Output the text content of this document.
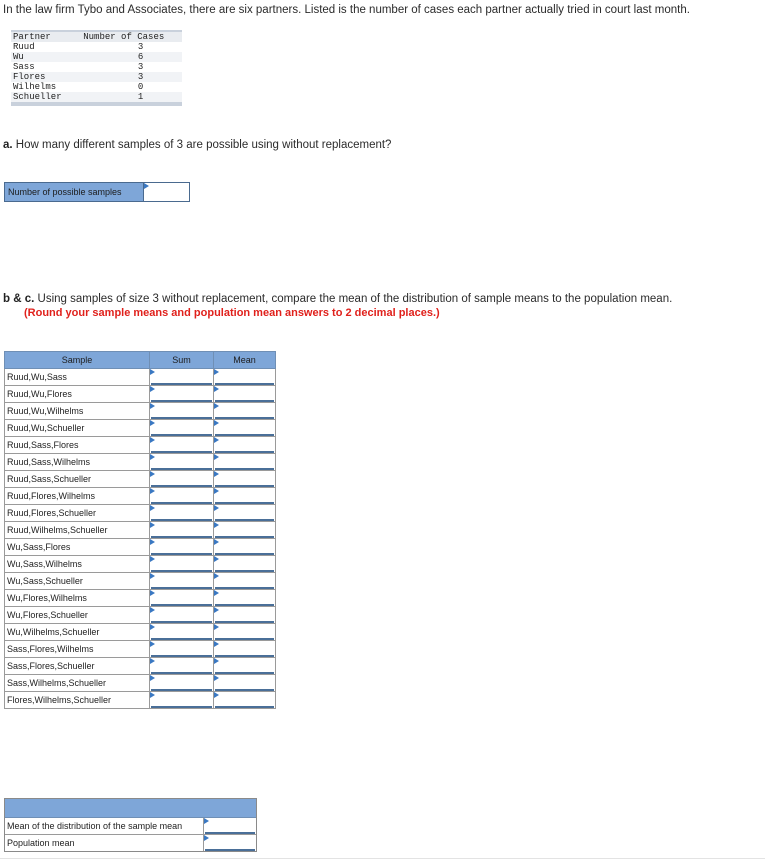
In the law firm Tybo and Associates, there are six partners. Listed is the number of cases each partner actually tried in court last month.
Partner	Number of Cases
Ruud	3
Wu	6
Sass	3
Flores	3
Wilhelms	0
Schueller	1
a. How many different samples of 3 are possible using without replacement?
Number of possible samples
b & c. Using samples of size 3 without replacement, compare the mean of the distribution of sample means to the population mean.
(Round your sample means and population mean answers to 2 decimal places.)
Sample	Sum	Mean
Ruud,Wu,Sass	

Ruud,Wu,Flores	

Ruud,Wu,Wilhelms	

Ruud,Wu,Schueller	

Ruud,Sass,Flores	

Ruud,Sass,Wilhelms	

Ruud,Sass,Schueller	

Ruud,Flores,Wilhelms	

Ruud,Flores,Schueller	

Ruud,Wilhelms,Schueller	

Wu,Sass,Flores	

Wu,Sass,Wilhelms	

Wu,Sass,Schueller	

Wu,Flores,Wilhelms	

Wu,Flores,Schueller	

Wu,Wilhelms,Schueller	

Sass,Flores,Wilhelms	

Sass,Flores,Schueller	

Sass,Wilhelms,Schueller	

Flores,Wilhelms,Schueller	

Mean of the distribution of the sample mean
Population mean
